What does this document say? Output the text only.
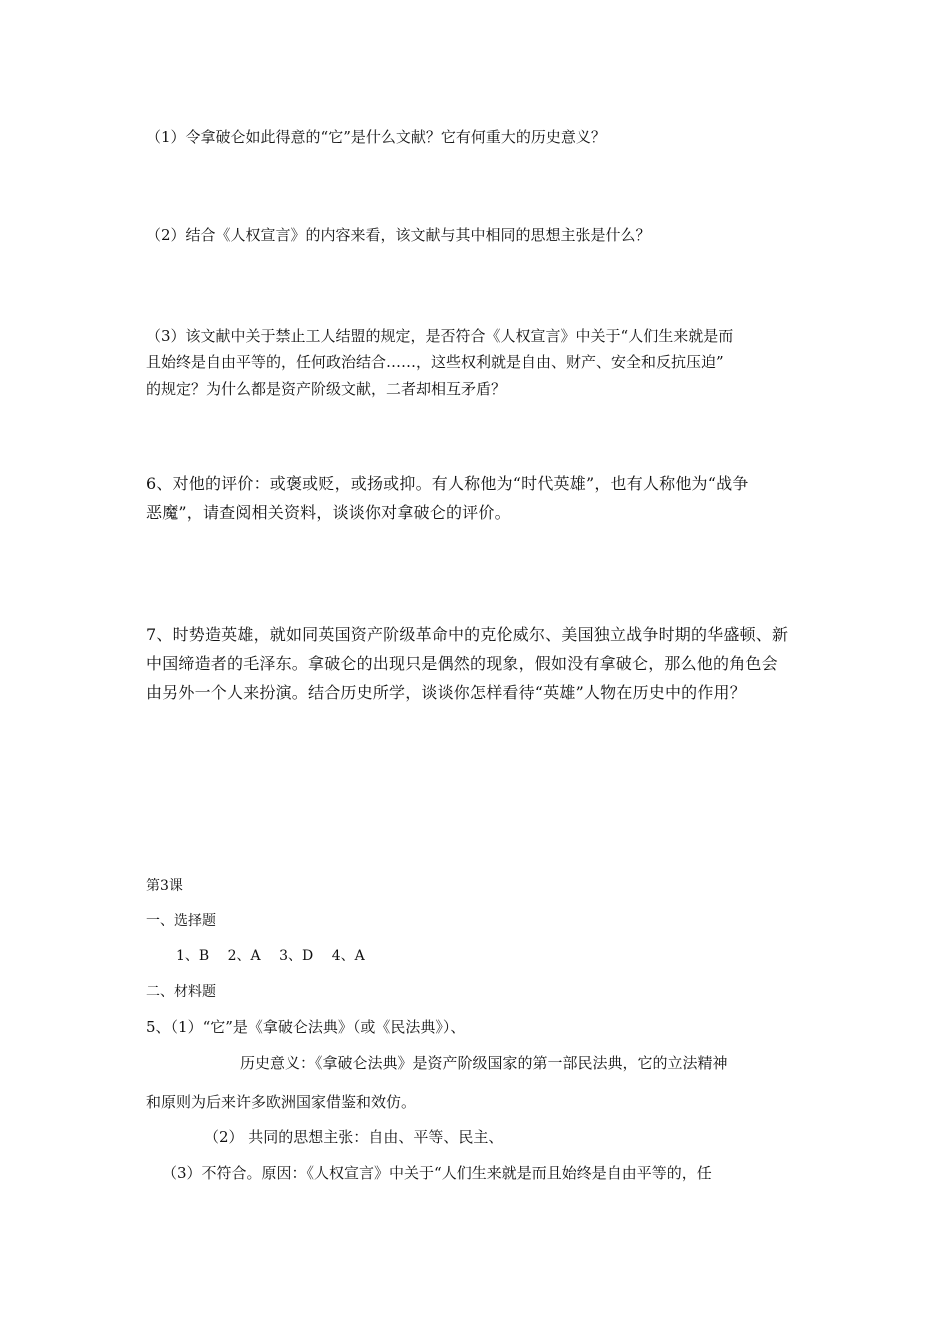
（1）令拿破仑如此得意的“它”是什么文献？它有何重大的历史意义？

（2）结合《人权宣言》的内容来看，该文献与其中相同的思想主张是什么？

（3）该文献中关于禁止工人结盟的规定，是否符合《人权宣言》中关于“人们生来就是而

且始终是自由平等的，任何政治结合……，这些权利就是自由、财产、安全和反抗压迫”

的规定？为什么都是资产阶级文献，二者却相互矛盾？

6、对他的评价：或褒或贬，或扬或抑。有人称他为“时代英雄”，也有人称他为“战争

恶魔”，请查阅相关资料，谈谈你对拿破仑的评价。

7、时势造英雄，就如同英国资产阶级革命中的克伦威尔、美国独立战争时期的华盛顿、新

中国缔造者的毛泽东。拿破仑的出现只是偶然的现象，假如没有拿破仑，那么他的角色会

由另外一个人来扮演。结合历史所学，谈谈你怎样看待“英雄”人物在历史中的作用？

第3课

一、选择题

1、B　 2、A　 3、D　 4、A

二、材料题

5、（1）“它”是《拿破仑法典》（或《民法典》）、

历史意义：《拿破仑法典》是资产阶级国家的第一部民法典，它的立法精神

和原则为后来许多欧洲国家借鉴和效仿。

（2） 共同的思想主张：自由、平等、民主、

（3）不符合。原因：《人权宣言》中关于“人们生来就是而且始终是自由平等的，任
